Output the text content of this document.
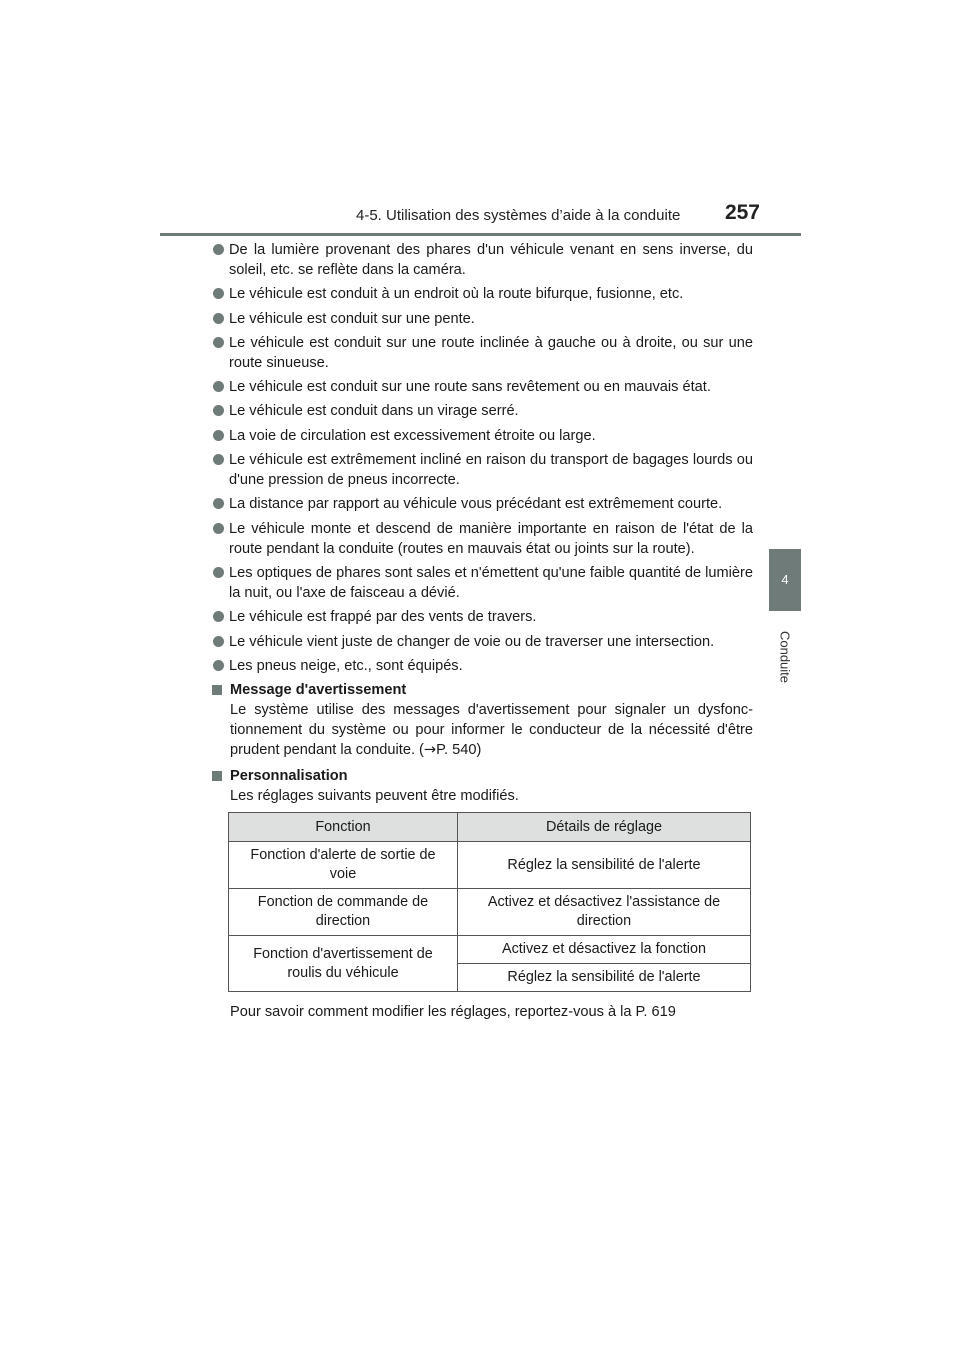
4-5. Utilisation des systèmes d’aide à la conduite 257
4
Conduite
De la lumière provenant des phares d'un véhicule venant en sens inverse, du soleil, etc. se reflète dans la caméra.
Le véhicule est conduit à un endroit où la route bifurque, fusionne, etc.
Le véhicule est conduit sur une pente.
Le véhicule est conduit sur une route inclinée à gauche ou à droite, ou sur une route sinueuse.
Le véhicule est conduit sur une route sans revêtement ou en mauvais état.
Le véhicule est conduit dans un virage serré.
La voie de circulation est excessivement étroite ou large.
Le véhicule est extrêmement incliné en raison du transport de bagages lourds ou d'une pression de pneus incorrecte.
La distance par rapport au véhicule vous précédant est extrêmement courte.
Le véhicule monte et descend de manière importante en raison de l'état de la route pendant la conduite (routes en mauvais état ou joints sur la route).
Les optiques de phares sont sales et n'émettent qu'une faible quantité de lumière la nuit, ou l'axe de faisceau a dévié.
Le véhicule est frappé par des vents de travers.
Le véhicule vient juste de changer de voie ou de traverser une intersection.
Les pneus neige, etc., sont équipés.
Message d'avertissement
Le système utilise des messages d'avertissement pour signaler un dysfonc-tionnement du système ou pour informer le conducteur de la nécessité d'être prudent pendant la conduite. (→P. 540)
Personnalisation
Les réglages suivants peuvent être modifiés.
Fonction	Détails de réglage
Fonction d'alerte de sortie de voie	Réglez la sensibilité de l'alerte
Fonction de commande de direction	Activez et désactivez l'assistance de direction
Fonction d'avertissement de roulis du véhicule	Activez et désactivez la fonction
	Réglez la sensibilité de l'alerte
Pour savoir comment modifier les réglages, reportez-vous à la P. 619
